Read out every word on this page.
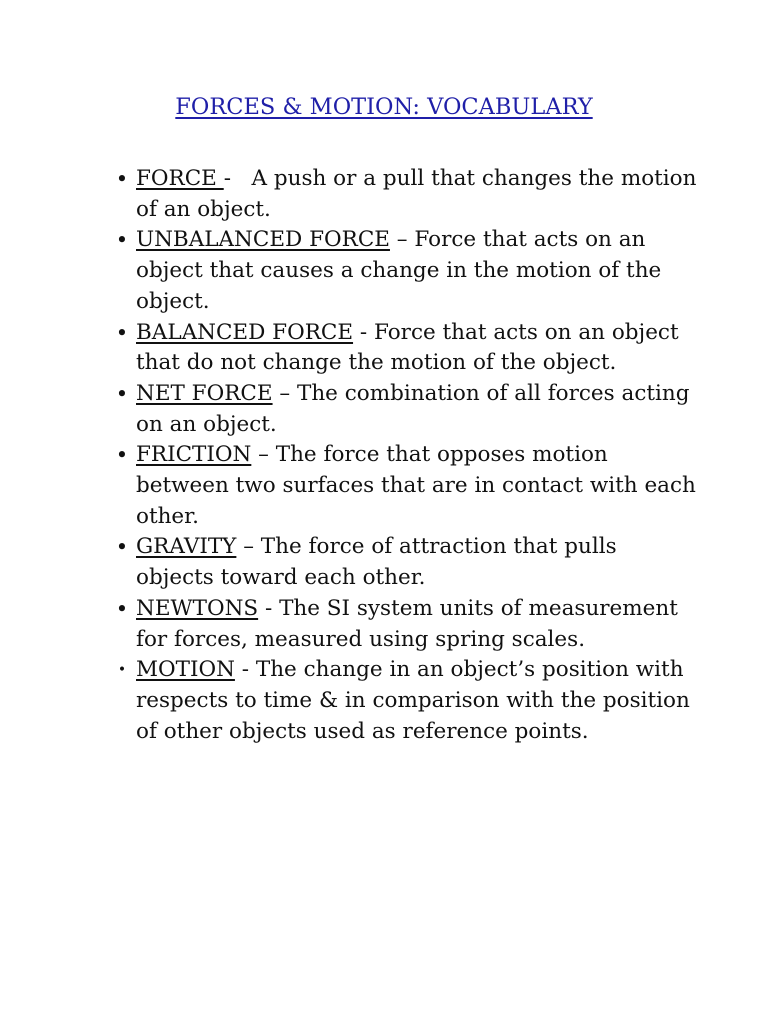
FORCES & MOTION: VOCABULARY
• FORCE -   A push or a pull that changes the motion of an object.
• UNBALANCED FORCE – Force that acts on an object that causes a change in the motion of the object.
• BALANCED FORCE - Force that acts on an object that do not change the motion of the object.
• NET FORCE – The combination of all forces acting on an object.
• FRICTION – The force that opposes motion between two surfaces that are in contact with each other.
• GRAVITY – The force of attraction that pulls objects toward each other.
• NEWTONS - The SI system units of measurement for forces, measured using spring scales.
• MOTION - The change in an object’s position with respects to time & in comparison with the position of other objects used as reference points.
